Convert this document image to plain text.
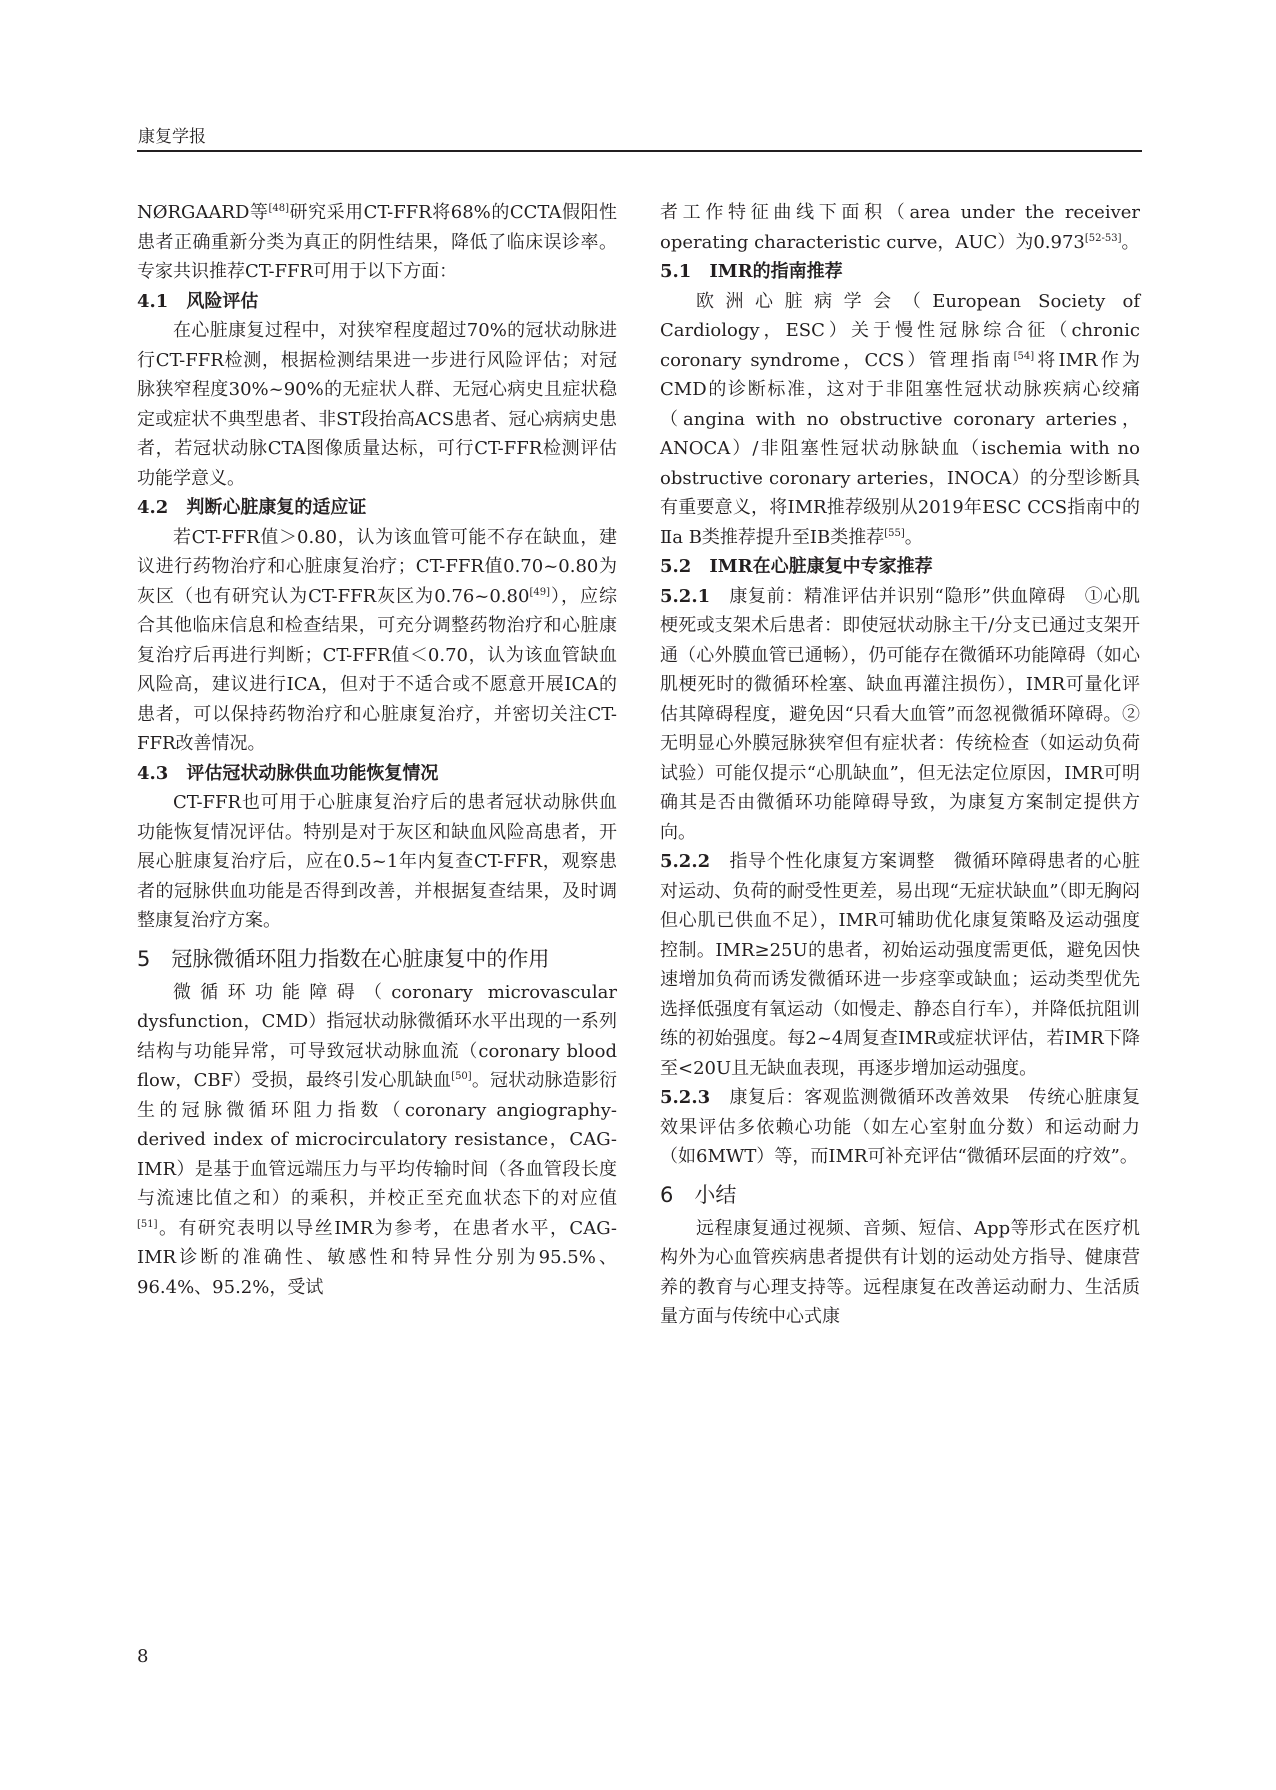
康复学报

NØRGAARD等[48]研究采用CT-FFR将68%的CCTA假阳性患者正确重新分类为真正的阴性结果，降低了临床误诊率。专家共识推荐CT-FFR可用于以下方面：

4.1　风险评估

在心脏康复过程中，对狭窄程度超过70%的冠状动脉进行CT-FFR检测，根据检测结果进一步进行风险评估；对冠脉狭窄程度30%~90%的无症状人群、无冠心病史且症状稳定或症状不典型患者、非ST段抬高ACS患者、冠心病病史患者，若冠状动脉CTA图像质量达标，可行CT-FFR检测评估功能学意义。

4.2　判断心脏康复的适应证

若CT-FFR值＞0.80，认为该血管可能不存在缺血，建议进行药物治疗和心脏康复治疗；CT-FFR值0.70~0.80为灰区（也有研究认为CT-FFR灰区为0.76~0.80[49]），应综合其他临床信息和检查结果，可充分调整药物治疗和心脏康复治疗后再进行判断；CT-FFR值＜0.70，认为该血管缺血风险高，建议进行ICA，但对于不适合或不愿意开展ICA的患者，可以保持药物治疗和心脏康复治疗，并密切关注CT-FFR改善情况。

4.3　评估冠状动脉供血功能恢复情况

CT-FFR也可用于心脏康复治疗后的患者冠状动脉供血功能恢复情况评估。特别是对于灰区和缺血风险高患者，开展心脏康复治疗后，应在0.5~1年内复查CT-FFR，观察患者的冠脉供血功能是否得到改善，并根据复查结果，及时调整康复治疗方案。

5　冠脉微循环阻力指数在心脏康复中的作用

微循环功能障碍（coronary microvascular dysfunction，CMD）指冠状动脉微循环水平出现的一系列结构与功能异常，可导致冠状动脉血流（coronary blood flow，CBF）受损，最终引发心肌缺血[50]。冠状动脉造影衍生的冠脉微循环阻力指数（coronary angiography-derived index of microcirculatory resistance，CAG-IMR）是基于血管远端压力与平均传输时间（各血管段长度与流速比值之和）的乘积，并校正至充血状态下的对应值[51]。有研究表明以导丝IMR为参考，在患者水平，CAG-IMR诊断的准确性、敏感性和特异性分别为95.5%、96.4%、95.2%，受试

者工作特征曲线下面积（area under the receiver operating characteristic curve，AUC）为0.973[52-53]。

5.1　IMR的指南推荐

欧洲心脏病学会（European Society of Cardiology，ESC）关于慢性冠脉综合征（chronic coronary syndrome，CCS）管理指南[54]将IMR作为CMD的诊断标准，这对于非阻塞性冠状动脉疾病心绞痛（angina with no obstructive coronary arteries，ANOCA）/非阻塞性冠状动脉缺血（ischemia with no obstructive coronary arteries，INOCA）的分型诊断具有重要意义，将IMR推荐级别从2019年ESC CCS指南中的Ⅱa B类推荐提升至ⅠB类推荐[55]。

5.2　IMR在心脏康复中专家推荐

5.2.1　康复前：精准评估并识别“隐形”供血障碍　①心肌梗死或支架术后患者：即使冠状动脉主干/分支已通过支架开通（心外膜血管已通畅），仍可能存在微循环功能障碍（如心肌梗死时的微循环栓塞、缺血再灌注损伤），IMR可量化评估其障碍程度，避免因“只看大血管”而忽视微循环障碍。②无明显心外膜冠脉狭窄但有症状者：传统检查（如运动负荷试验）可能仅提示“心肌缺血”，但无法定位原因，IMR可明确其是否由微循环功能障碍导致，为康复方案制定提供方向。

5.2.2　指导个性化康复方案调整　微循环障碍患者的心脏对运动、负荷的耐受性更差，易出现“无症状缺血”（即无胸闷但心肌已供血不足），IMR可辅助优化康复策略及运动强度控制。IMR≥25U的患者，初始运动强度需更低，避免因快速增加负荷而诱发微循环进一步痉挛或缺血；运动类型优先选择低强度有氧运动（如慢走、静态自行车），并降低抗阻训练的初始强度。每2~4周复查IMR或症状评估，若IMR下降至<20U且无缺血表现，再逐步增加运动强度。

5.2.3　康复后：客观监测微循环改善效果　传统心脏康复效果评估多依赖心功能（如左心室射血分数）和运动耐力（如6MWT）等，而IMR可补充评估“微循环层面的疗效”。

6　小结

远程康复通过视频、音频、短信、App等形式在医疗机构外为心血管疾病患者提供有计划的运动处方指导、健康营养的教育与心理支持等。远程康复在改善运动耐力、生活质量方面与传统中心式康

8
